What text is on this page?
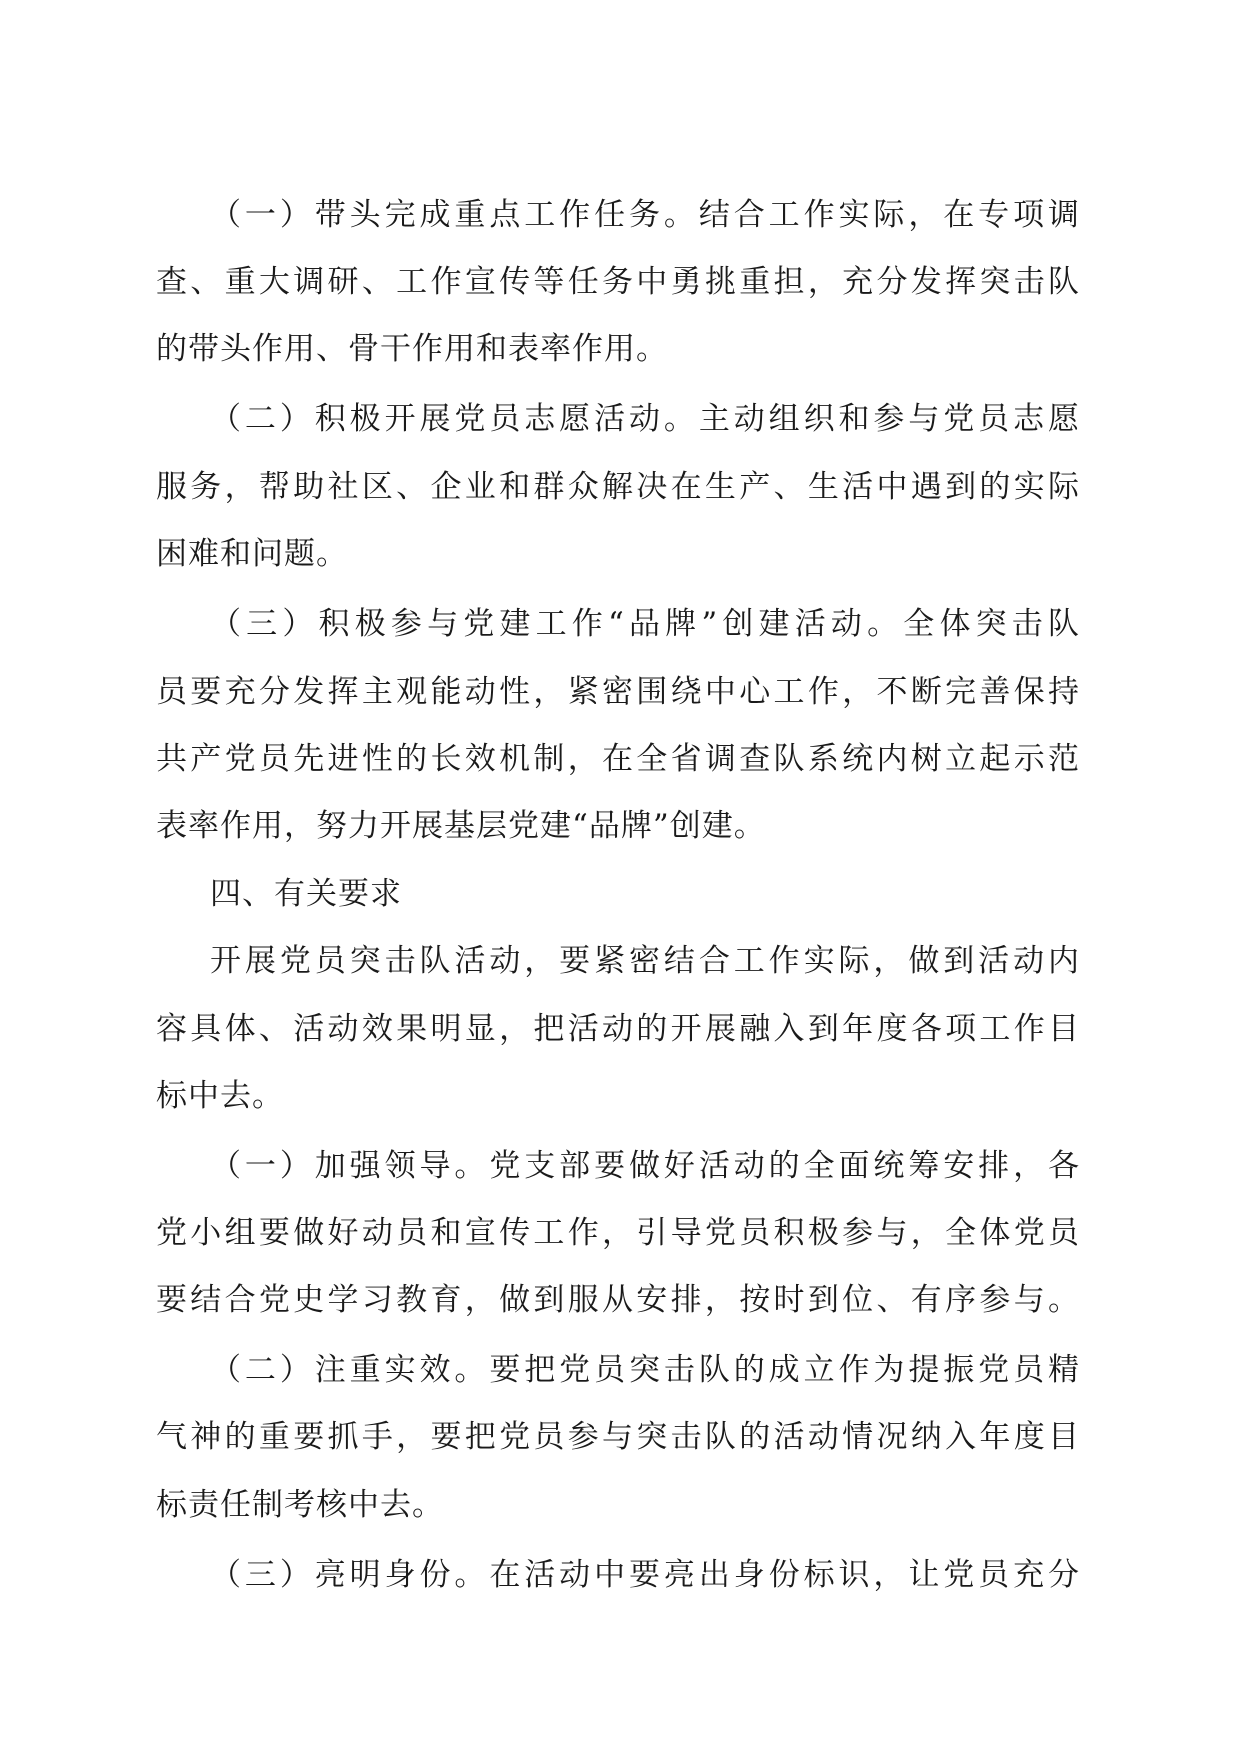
（一）带头完成重点工作任务。结合工作实际，在专项调
查、重大调研、工作宣传等任务中勇挑重担，充分发挥突击队
的带头作用、骨干作用和表率作用。
（二）积极开展党员志愿活动。主动组织和参与党员志愿
服务，帮助社区、企业和群众解决在生产、生活中遇到的实际
困难和问题。
（三）积极参与党建工作“品牌”创建活动。全体突击队
员要充分发挥主观能动性，紧密围绕中心工作，不断完善保持
共产党员先进性的长效机制，在全省调查队系统内树立起示范
表率作用，努力开展基层党建“品牌”创建。
四、有关要求
开展党员突击队活动，要紧密结合工作实际，做到活动内
容具体、活动效果明显，把活动的开展融入到年度各项工作目
标中去。
（一）加强领导。党支部要做好活动的全面统筹安排，各
党小组要做好动员和宣传工作，引导党员积极参与，全体党员
要结合党史学习教育，做到服从安排，按时到位、有序参与。
（二）注重实效。要把党员突击队的成立作为提振党员精
气神的重要抓手，要把党员参与突击队的活动情况纳入年度目
标责任制考核中去。
（三）亮明身份。在活动中要亮出身份标识，让党员充分
